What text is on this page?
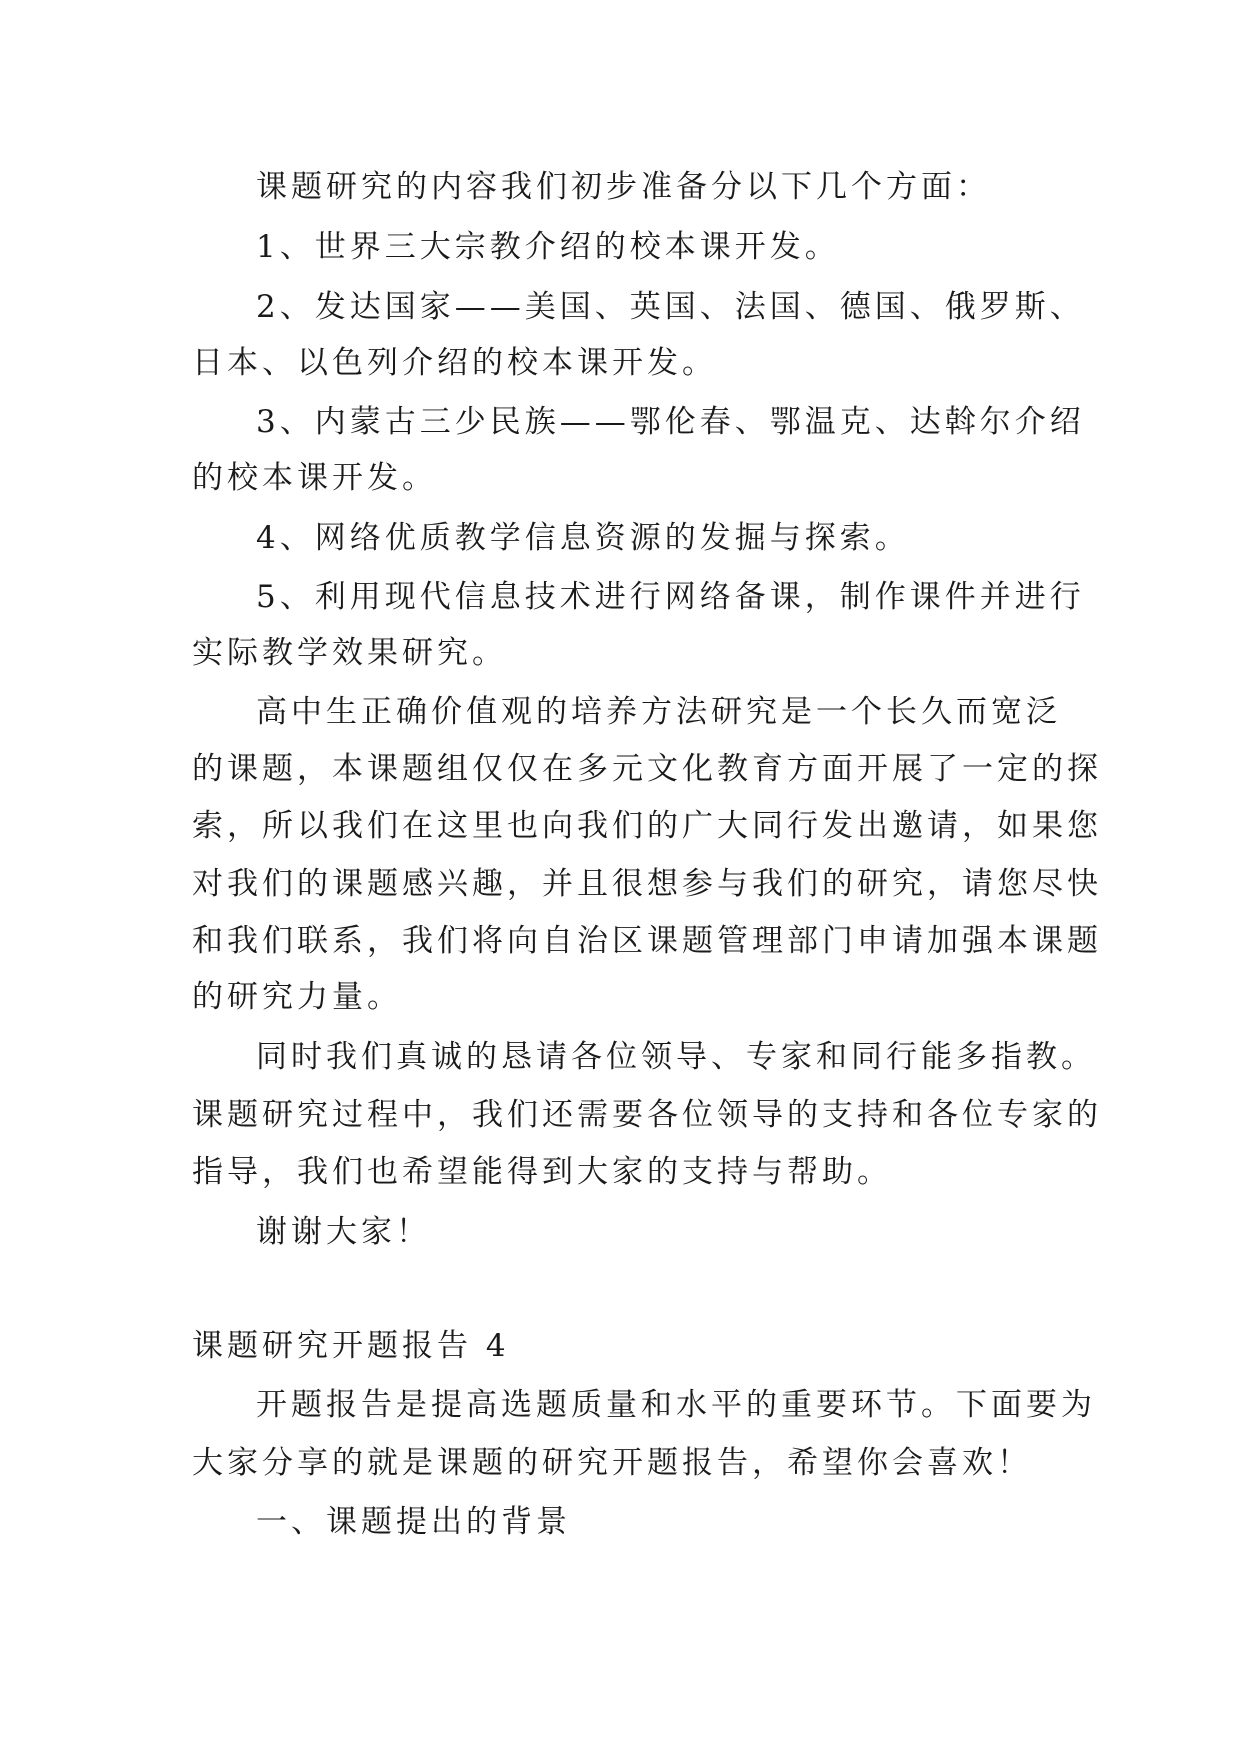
课题研究的内容我们初步准备分以下几个方面：
1、世界三大宗教介绍的校本课开发。
2、发达国家——美国、英国、法国、德国、俄罗斯、
日本、以色列介绍的校本课开发。
3、内蒙古三少民族——鄂伦春、鄂温克、达斡尔介绍
的校本课开发。
4、网络优质教学信息资源的发掘与探索。
5、利用现代信息技术进行网络备课，制作课件并进行
实际教学效果研究。
高中生正确价值观的培养方法研究是一个长久而宽泛
的课题，本课题组仅仅在多元文化教育方面开展了一定的探
索，所以我们在这里也向我们的广大同行发出邀请，如果您
对我们的课题感兴趣，并且很想参与我们的研究，请您尽快
和我们联系，我们将向自治区课题管理部门申请加强本课题
的研究力量。
同时我们真诚的恳请各位领导、专家和同行能多指教。
课题研究过程中，我们还需要各位领导的支持和各位专家的
指导，我们也希望能得到大家的支持与帮助。
谢谢大家！
课题研究开题报告 4
开题报告是提高选题质量和水平的重要环节。下面要为
大家分享的就是课题的研究开题报告，希望你会喜欢！
一、课题提出的背景
